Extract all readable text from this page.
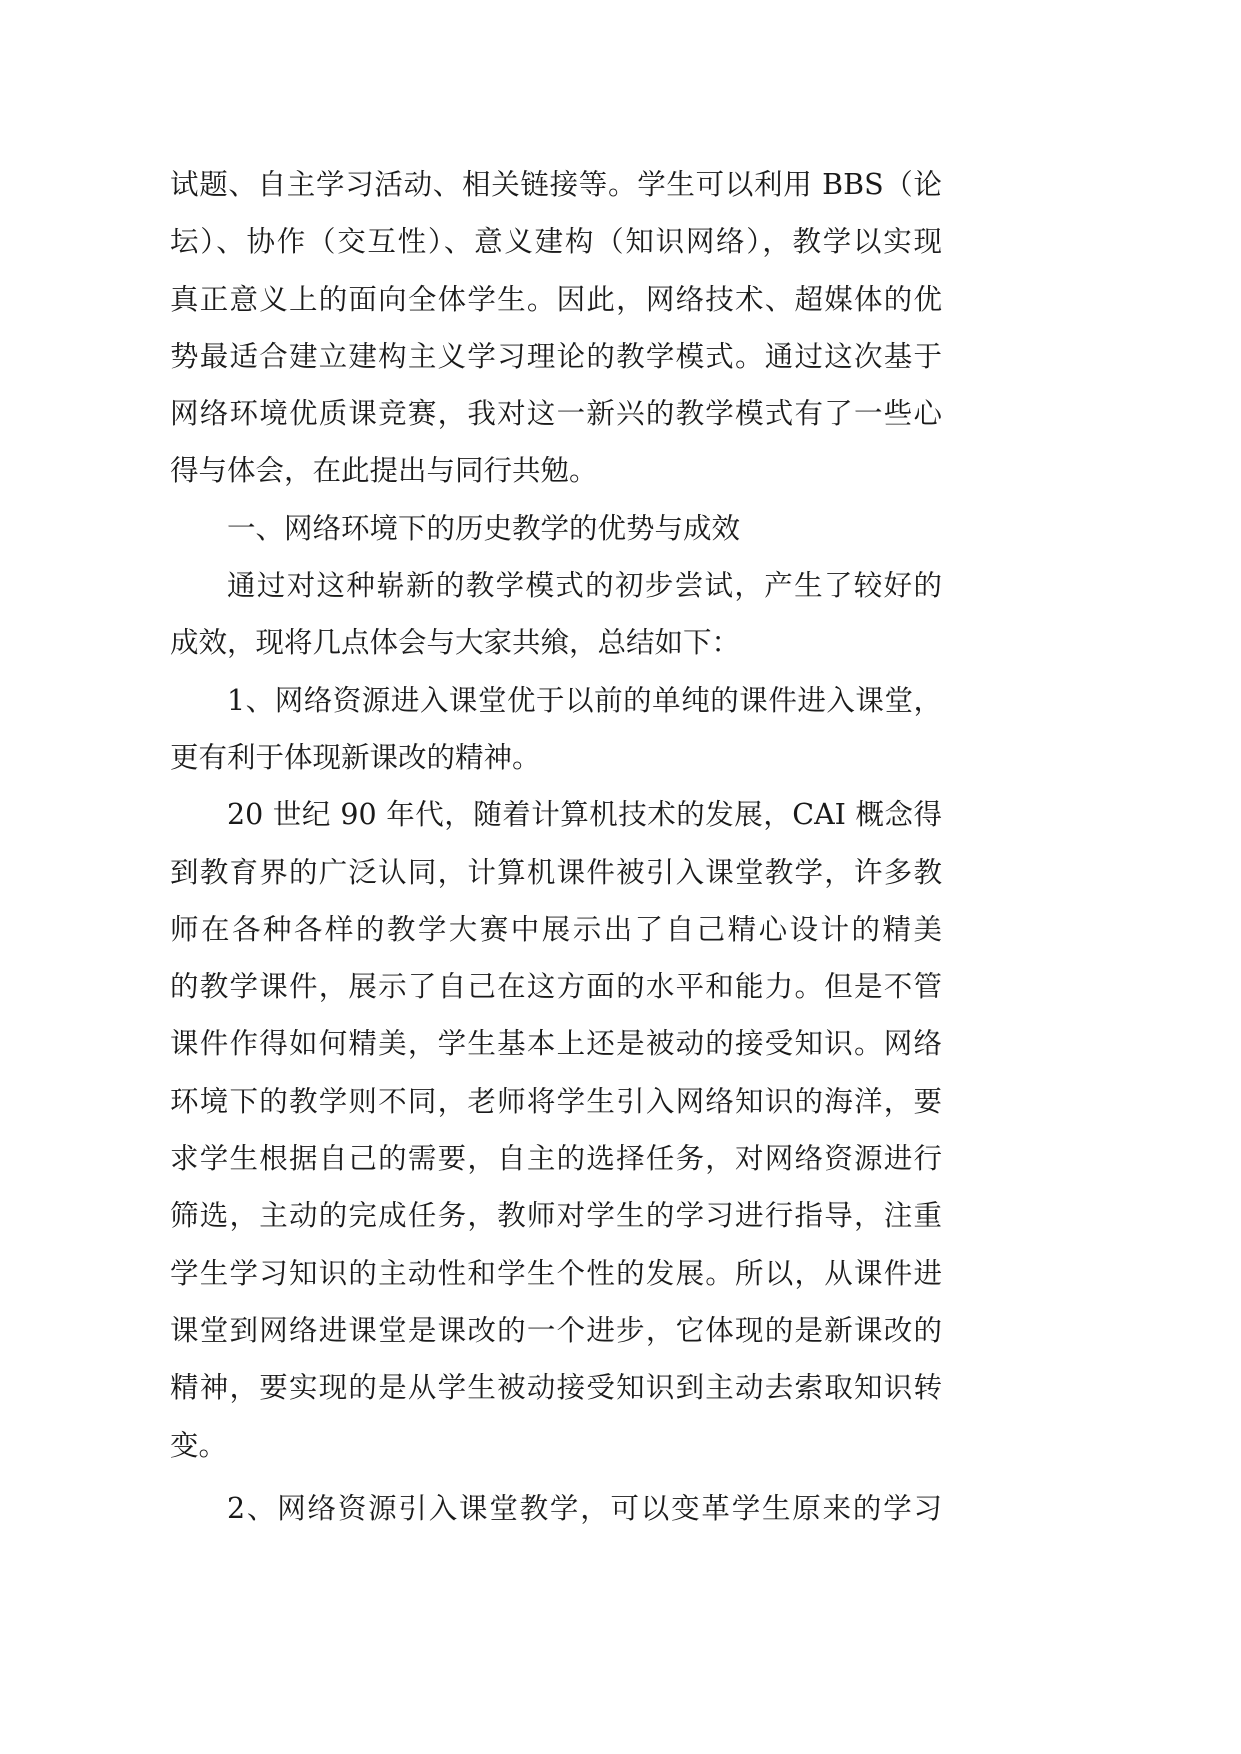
试题、自主学习活动、相关链接等。学生可以利用 BBS（论
坛）、协作（交互性）、意义建构（知识网络），教学以实现
真正意义上的面向全体学生。因此，网络技术、超媒体的优
势最适合建立建构主义学习理论的教学模式。通过这次基于
网络环境优质课竞赛，我对这一新兴的教学模式有了一些心
得与体会，在此提出与同行共勉。
一、网络环境下的历史教学的优势与成效
通过对这种崭新的教学模式的初步尝试，产生了较好的
成效，现将几点体会与大家共飨，总结如下：
1、网络资源进入课堂优于以前的单纯的课件进入课堂，
更有利于体现新课改的精神。
20 世纪 90 年代，随着计算机技术的发展，CAI 概念得
到教育界的广泛认同，计算机课件被引入课堂教学，许多教
师在各种各样的教学大赛中展示出了自己精心设计的精美
的教学课件，展示了自己在这方面的水平和能力。但是不管
课件作得如何精美，学生基本上还是被动的接受知识。网络
环境下的教学则不同，老师将学生引入网络知识的海洋，要
求学生根据自己的需要，自主的选择任务，对网络资源进行
筛选，主动的完成任务，教师对学生的学习进行指导，注重
学生学习知识的主动性和学生个性的发展。所以，从课件进
课堂到网络进课堂是课改的一个进步，它体现的是新课改的
精神，要实现的是从学生被动接受知识到主动去索取知识转
变。
2、网络资源引入课堂教学，可以变革学生原来的学习
